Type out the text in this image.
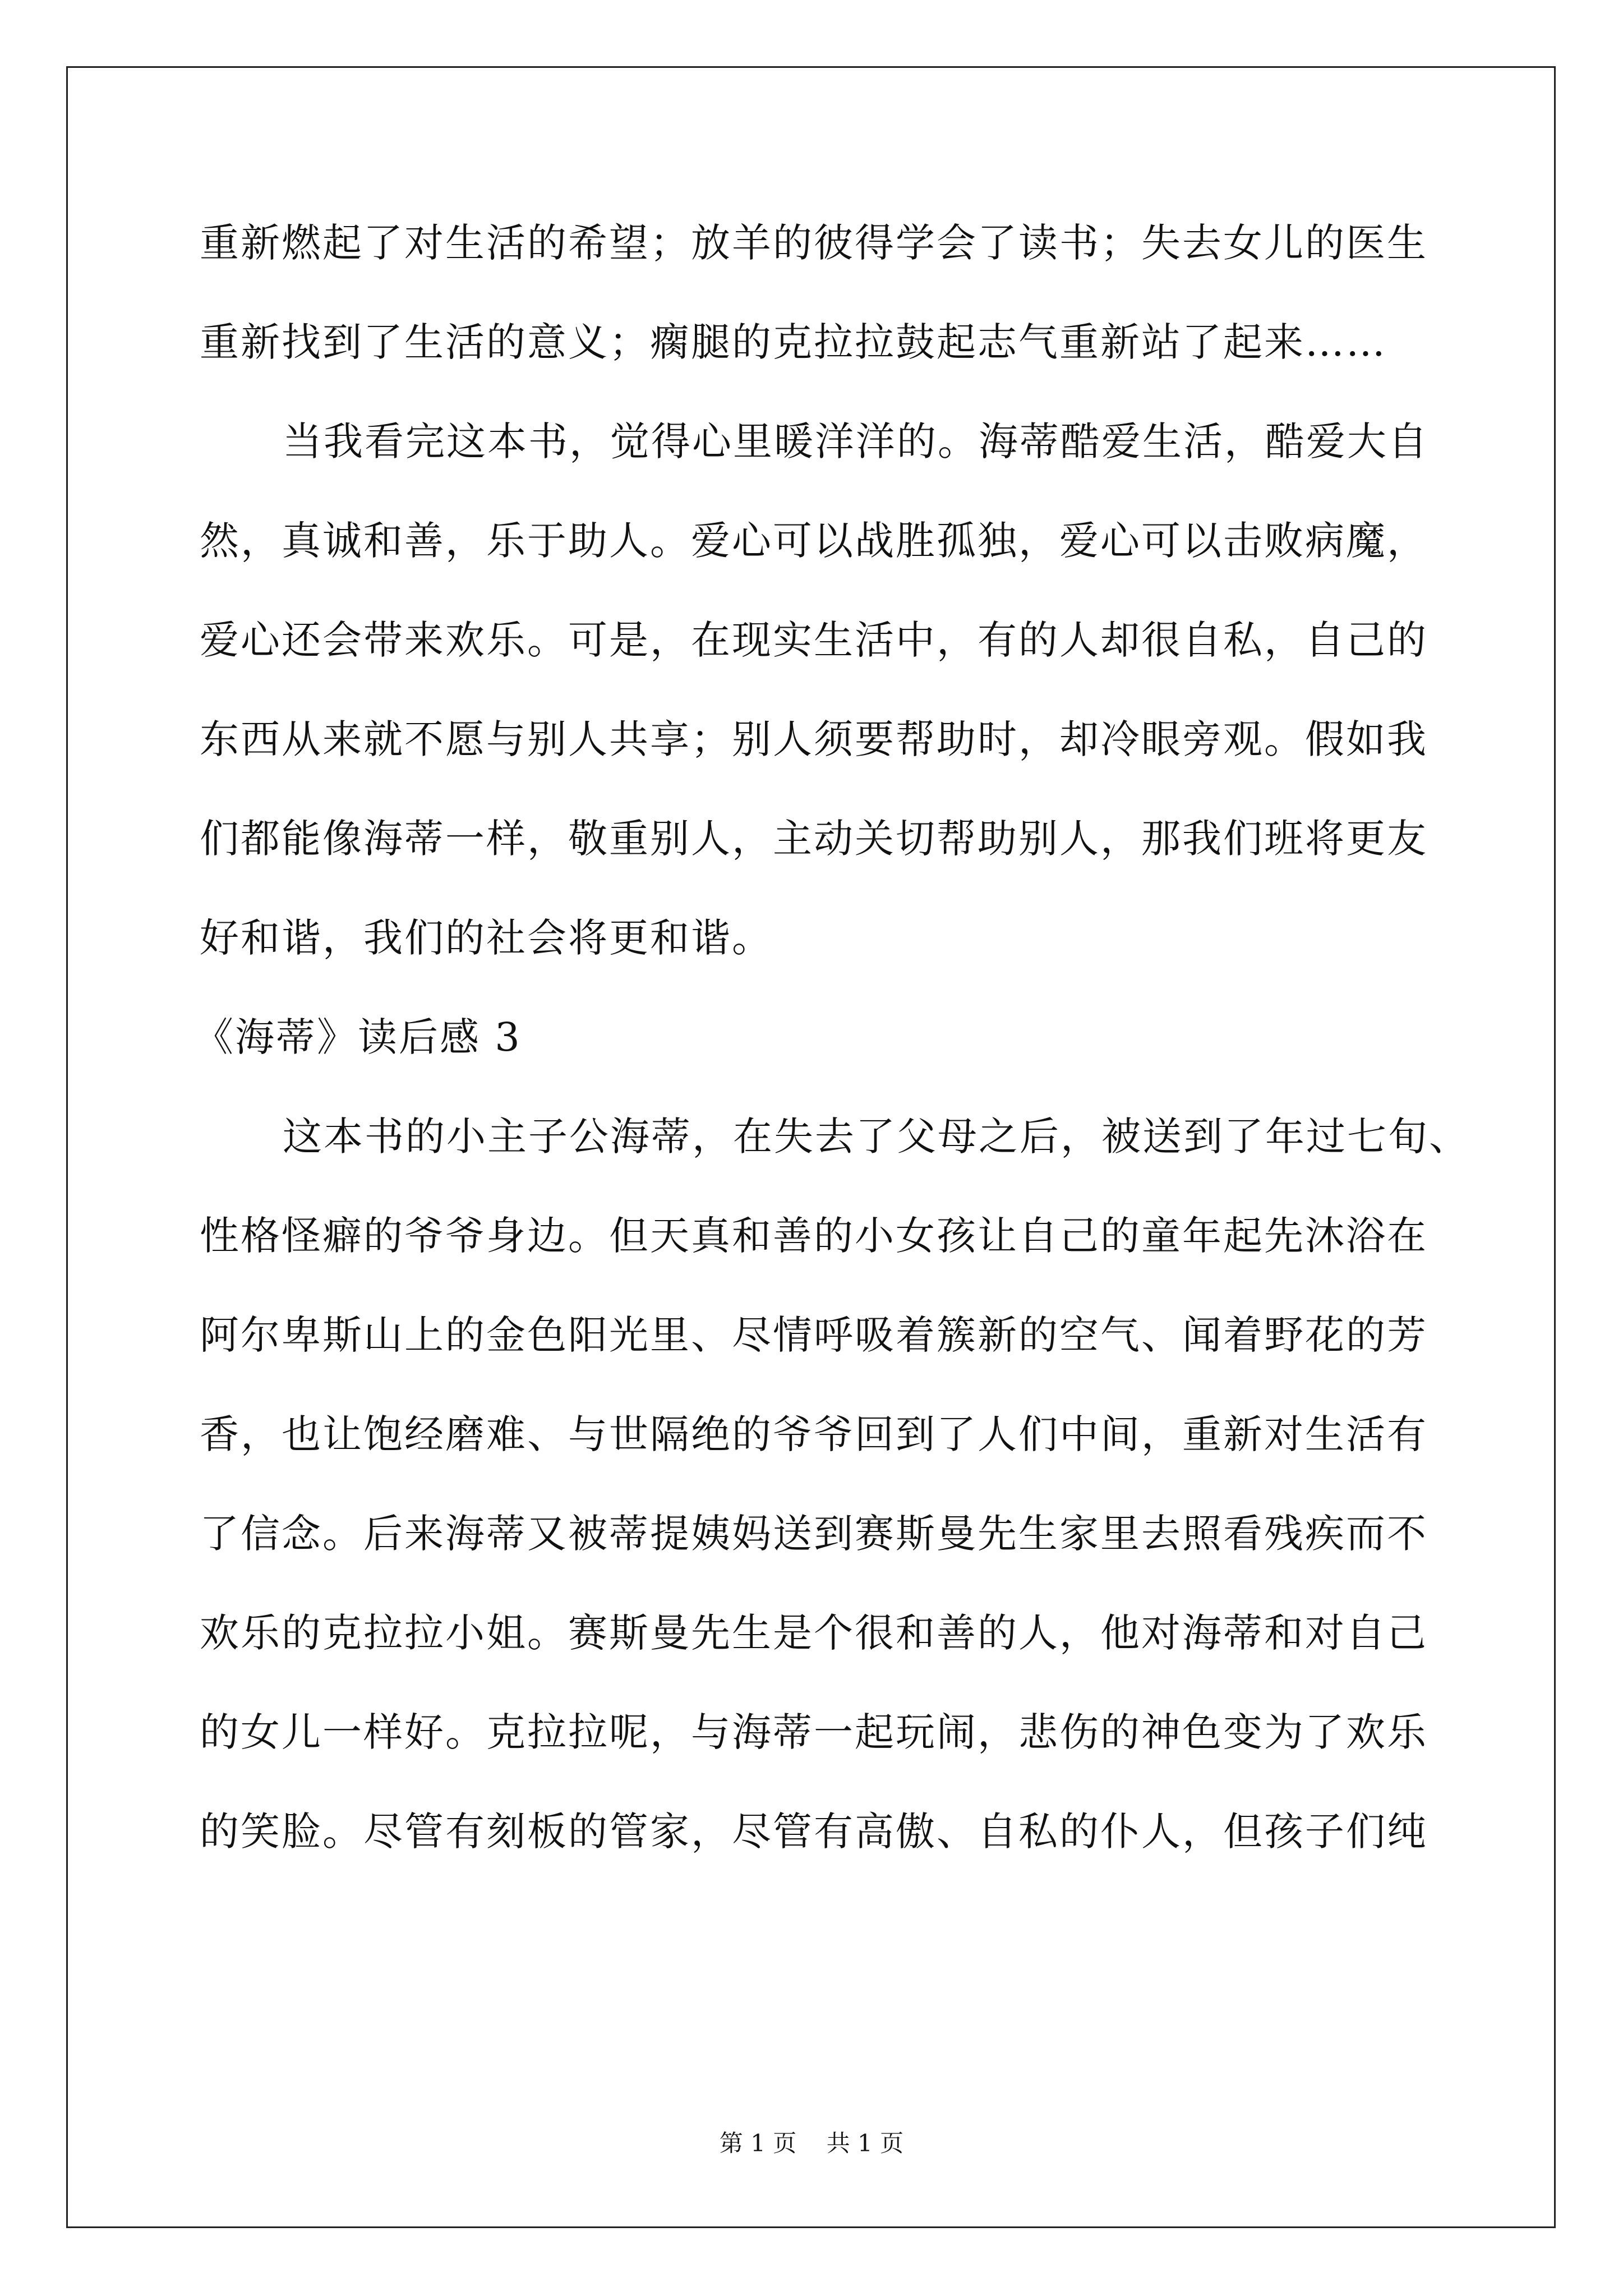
重新燃起了对生活的希望；放羊的彼得学会了读书；失去女儿的医生
重新找到了生活的意义；瘸腿的克拉拉鼓起志气重新站了起来……
当我看完这本书，觉得心里暖洋洋的。海蒂酷爱生活，酷爱大自
然，真诚和善，乐于助人。爱心可以战胜孤独，爱心可以击败病魔，
爱心还会带来欢乐。可是，在现实生活中，有的人却很自私，自己的
东西从来就不愿与别人共享；别人须要帮助时，却冷眼旁观。假如我
们都能像海蒂一样，敬重别人，主动关切帮助别人，那我们班将更友
好和谐，我们的社会将更和谐。
《海蒂》读后感 3
这本书的小主子公海蒂，在失去了父母之后，被送到了年过七旬、
性格怪癖的爷爷身边。但天真和善的小女孩让自己的童年起先沐浴在
阿尔卑斯山上的金色阳光里、尽情呼吸着簇新的空气、闻着野花的芳
香，也让饱经磨难、与世隔绝的爷爷回到了人们中间，重新对生活有
了信念。后来海蒂又被蒂提姨妈送到赛斯曼先生家里去照看残疾而不
欢乐的克拉拉小姐。赛斯曼先生是个很和善的人，他对海蒂和对自己
的女儿一样好。克拉拉呢，与海蒂一起玩闹，悲伤的神色变为了欢乐
的笑脸。尽管有刻板的管家，尽管有高傲、自私的仆人，但孩子们纯
第 1 页    共 1 页
